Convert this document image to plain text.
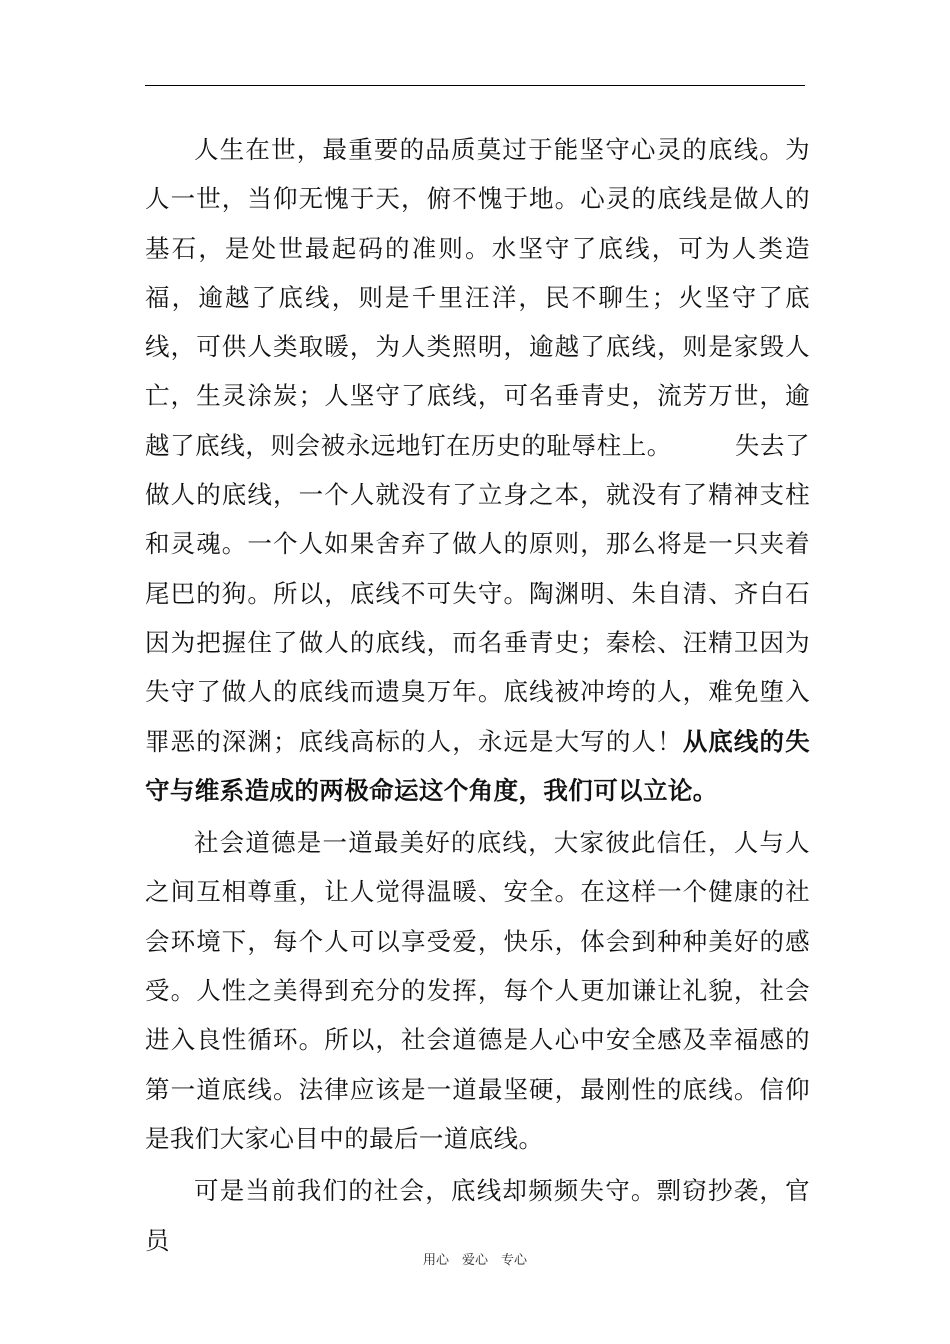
人生在世，最重要的品质莫过于能坚守心灵的底线。为人一世，当仰无愧于天，俯不愧于地。心灵的底线是做人的基石，是处世最起码的准则。水坚守了底线，可为人类造福，逾越了底线，则是千里汪洋，民不聊生；火坚守了底线，可供人类取暖，为人类照明，逾越了底线，则是家毁人亡，生灵涂炭；人坚守了底线，可名垂青史，流芳万世，逾越了底线，则会被永远地钉在历史的耻辱柱上。　　　失去了做人的底线，一个人就没有了立身之本，就没有了精神支柱和灵魂。一个人如果舍弃了做人的原则，那么将是一只夹着尾巴的狗。所以，底线不可失守。陶渊明、朱自清、齐白石因为把握住了做人的底线，而名垂青史；秦桧、汪精卫因为失守了做人的底线而遗臭万年。底线被冲垮的人，难免堕入罪恶的深渊；底线高标的人，永远是大写的人！从底线的失守与维系造成的两极命运这个角度，我们可以立论。

社会道德是一道最美好的底线，大家彼此信任，人与人之间互相尊重，让人觉得温暖、安全。在这样一个健康的社会环境下，每个人可以享受爱，快乐，体会到种种美好的感受。人性之美得到充分的发挥，每个人更加谦让礼貌，社会进入良性循环。所以，社会道德是人心中安全感及幸福感的第一道底线。法律应该是一道最坚硬，最刚性的底线。信仰是我们大家心目中的最后一道底线。

可是当前我们的社会，底线却频频失守。剽窃抄袭，官员

用心　爱心　专心
